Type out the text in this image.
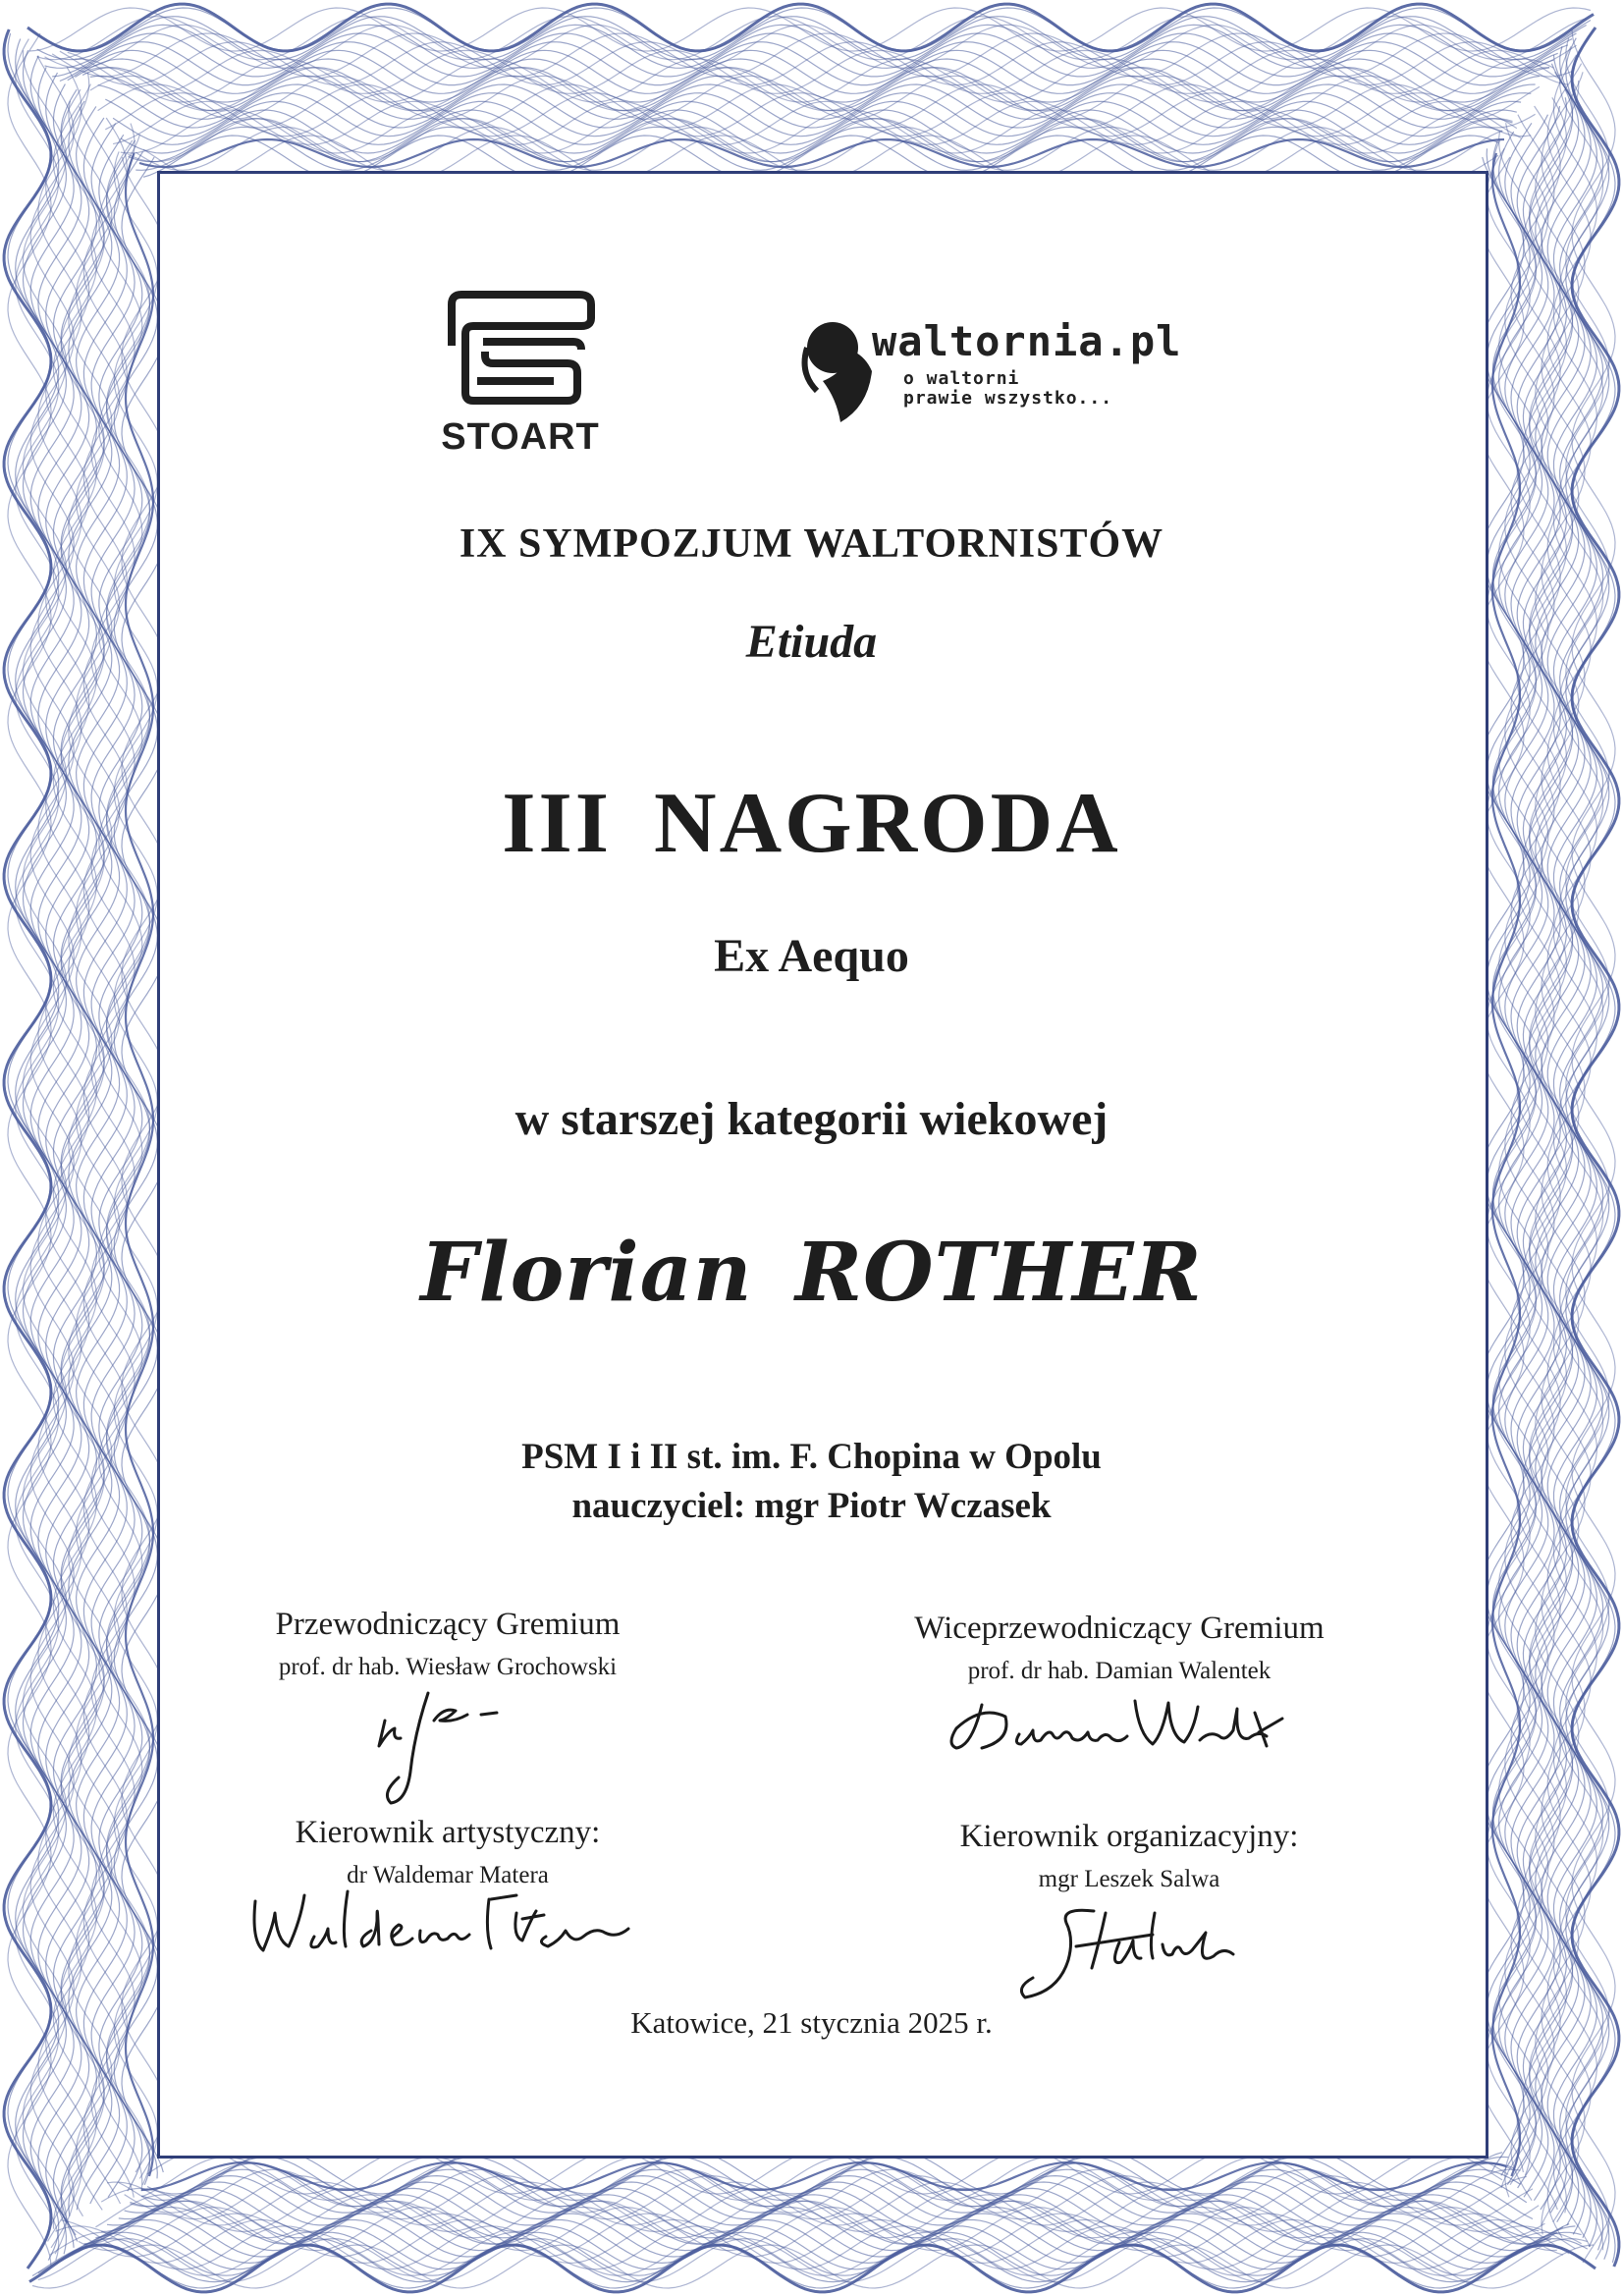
STOART
waltornia.pl
o waltorni
prawie wszystko...
IX SYMPOZJUM WALTORNISTÓW
Etiuda
III NAGRODA
Ex Aequo
w starszej kategorii wiekowej
Florian ROTHER
PSM I i II st. im. F. Chopina w Opolu
nauczyciel: mgr Piotr Wczasek
Przewodniczący Gremium
prof. dr hab. Wiesław Grochowski
Wiceprzewodniczący Gremium
prof. dr hab. Damian Walentek
Kierownik artystyczny:
dr Waldemar Matera
Kierownik organizacyjny:
mgr Leszek Salwa
Katowice, 21 stycznia 2025 r.
